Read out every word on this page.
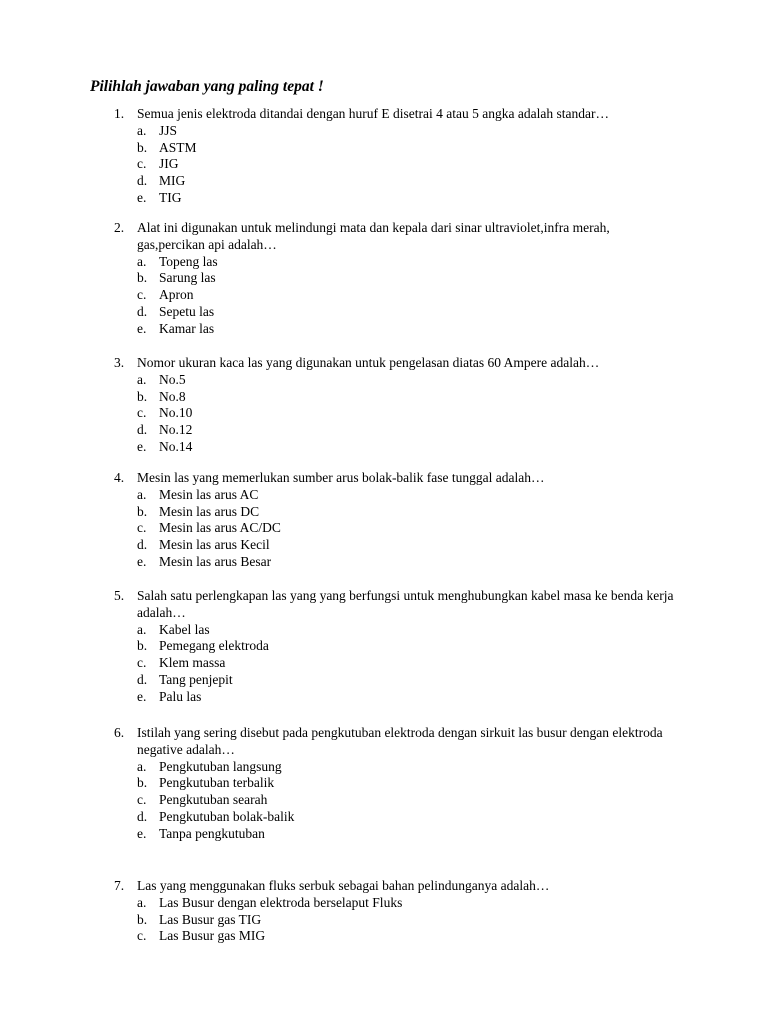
Pilihlah jawaban yang paling tepat !
1. Semua jenis elektroda ditandai dengan huruf E disetrai 4 atau 5 angka adalah standar…
a. JJS
b. ASTM
c. JIG
d. MIG
e. TIG
2. Alat ini digunakan untuk melindungi mata dan kepala dari sinar ultraviolet,infra merah, gas,percikan api adalah…
a. Topeng las
b. Sarung las
c. Apron
d. Sepetu las
e. Kamar las
3. Nomor ukuran kaca las yang digunakan untuk pengelasan diatas 60 Ampere adalah…
a. No.5
b. No.8
c. No.10
d. No.12
e. No.14
4. Mesin las yang memerlukan sumber arus bolak-balik fase tunggal adalah…
a. Mesin las arus AC
b. Mesin las arus DC
c. Mesin las arus AC/DC
d. Mesin las arus Kecil
e. Mesin las arus Besar
5. Salah satu perlengkapan las yang yang berfungsi untuk menghubungkan kabel masa ke benda kerja adalah…
a. Kabel las
b. Pemegang elektroda
c. Klem massa
d. Tang penjepit
e. Palu las
6. Istilah yang sering disebut pada pengkutuban elektroda dengan sirkuit las busur dengan elektroda negative adalah…
a. Pengkutuban langsung
b. Pengkutuban terbalik
c. Pengkutuban searah
d. Pengkutuban bolak-balik
e. Tanpa pengkutuban
7. Las yang menggunakan fluks serbuk sebagai bahan pelindunganya adalah…
a. Las Busur dengan elektroda berselaput Fluks
b. Las Busur gas TIG
c. Las Busur gas MIG
